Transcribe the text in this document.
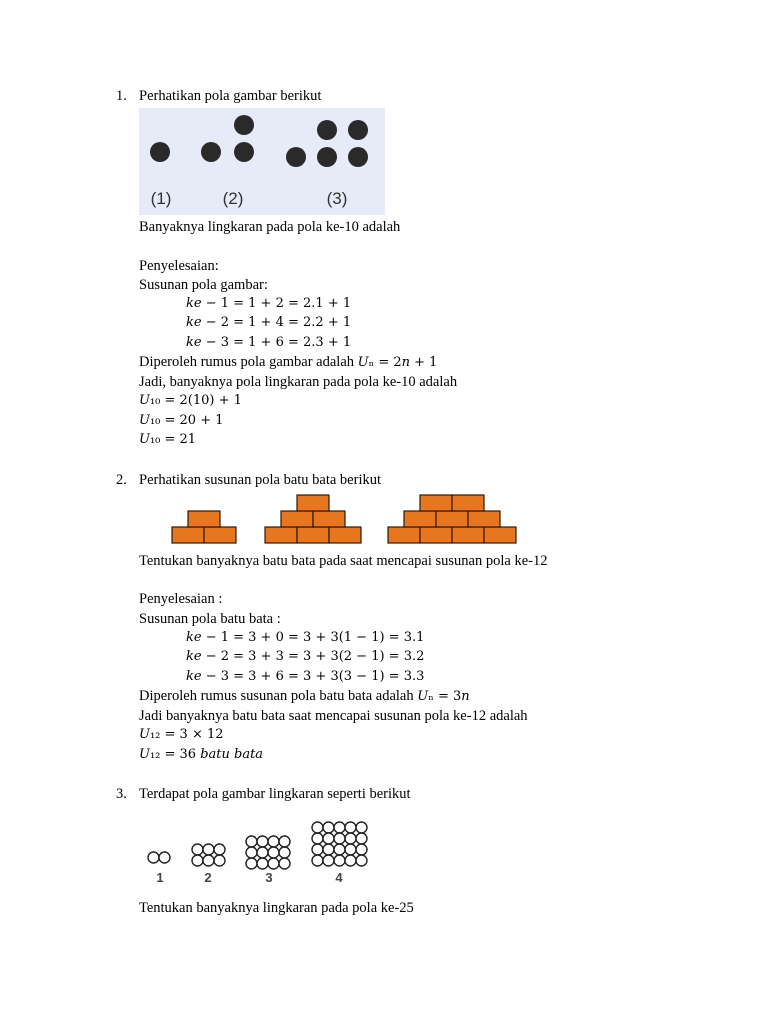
1. Perhatikan pola gambar berikut
(1)	(2)	(3)
Banyaknya lingkaran pada pola ke-10 adalah
Penyelesaian:
Susunan pola gambar:
𝑘𝑒 − 1 = 1 + 2 = 2.1 + 1
𝑘𝑒 − 2 = 1 + 4 = 2.2 + 1
𝑘𝑒 − 3 = 1 + 6 = 2.3 + 1
Diperoleh rumus pola gambar adalah 𝑈ₙ = 2𝑛 + 1
Jadi, banyaknya pola lingkaran pada pola ke-10 adalah
𝑈₁₀ = 2(10) + 1
𝑈₁₀ = 20 + 1
𝑈₁₀ = 21
2. Perhatikan susunan pola batu bata berikut
Tentukan banyaknya batu bata pada saat mencapai susunan pola ke-12
Penyelesaian :
Susunan pola batu bata :
𝑘𝑒 − 1 = 3 + 0 = 3 + 3(1 − 1) = 3.1
𝑘𝑒 − 2 = 3 + 3 = 3 + 3(2 − 1) = 3.2
𝑘𝑒 − 3 = 3 + 6 = 3 + 3(3 − 1) = 3.3
Diperoleh rumus susunan pola batu bata adalah 𝑈ₙ = 3𝑛
Jadi banyaknya batu bata saat mencapai susunan pola ke-12 adalah
𝑈₁₂ = 3 × 12
𝑈₁₂ = 36 𝑏𝑎𝑡𝑢 𝑏𝑎𝑡𝑎
3. Terdapat pola gambar lingkaran seperti berikut
1	2	3	4
Tentukan banyaknya lingkaran pada pola ke-25
